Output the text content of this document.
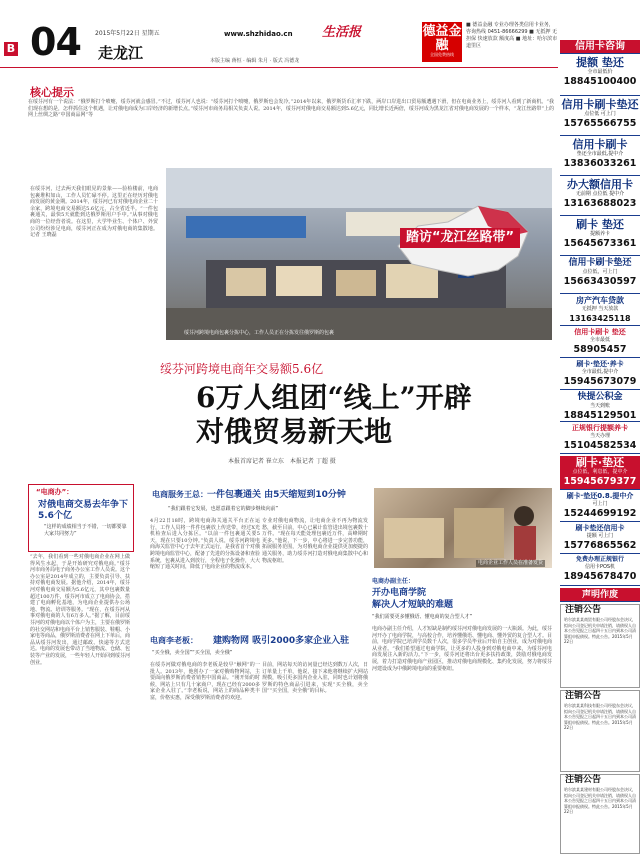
B 04 2015年5月22日 星期五
走龙江
www.shzhidao.cn 生活报
本版主编 蒋恒 · 编辑 朱月 · 版式 冯德龙
德益金融
全国免费热线
■ 德益金融 专业办理各类信用卡业务，咨询热线 0451-86666299 ■ 无抵押 无担保 快速放款 额度高 ■ 地址：哈尔滨市道里区
核心提示
在绥芬河有一个说法：“俄罗斯打个喷嚏，绥芬河就会感冒。”不过，绥芬河人也说：“绥芬河打个喷嚏，俄罗斯也会发冷。”2014年以来，俄罗斯货币汇率下跌，两岸口岸进出口贸易额遭遇下滑，但在电商业务上，绥芬河人看到了新商机。“我们现在想的是，怎样抓住这个机遇，让对俄电商成为口岸经济的新增长点。”绥芬河市商务局相关负责人说。2014年，绥芬河对俄电商交易额达到5.6亿元，同比增长近两倍，绥芬河成为黑龙江省对俄电商发展的一个样本，“龙江丝路带”上的网上丝绸之路“中国商品网”等
在绥芬河，过去两天我们眼见的景象——验检楼前，电商包裹堆积如山，工作人员忙碌不停。这里正在经历对俄电商发展的黄金期。2014年，绥芬河已有对俄电商企业二十余家，跨境电商交易额达5.6亿元，占全省近半。“一件包裹通关，最快5天就能到达俄罗斯用户手中。”从事对俄电商的一位经营者说。在这里，大学毕业生、个体户、外贸公司纷纷涉足电商，绥芬河正在成为对俄电商的集散地。记者 王晓磊	踏访“龙江丝路带”
绥芬河跨境电商包裹分拣中心，工作人员正在分拣发往俄罗斯的包裹
绥芬河跨境电商年交易额5.6亿
6万人组团“线上”开辟
对俄贸易新天地
本报首席记者 崔立东　本报记者 丁超 摄
“电商办”：
对俄电商交易去年争下5.6个亿
“这样的成绩相当于不错，一切都要靠大家共同努力”
“去年，我们看到一些对俄电商企业在网上做得风生水起，于是开始研究对俄电商。”绥芬河市商务局电子商务办公室工作人员说。这个办公室是2014年成立的，主要负责引导、扶持对俄电商发展。据他介绍，2014年，绥芬河对俄电商交易额为5.6亿元，其中包裹数量超过100万件，绥芬河市成立了电商协会，搭建了电商孵化基地，为电商企业提供办公场地、物流、培训等服务。“现在，在绥芬河从事对俄电商的人有6万多人。”据了解，目前绥芬河的对俄电商以个体户为主，主要在俄罗斯的社交网站和电商平台上销售服装、鞋帽、小家电等商品，俄罗斯消费者在网上下单后，商品从绥芬河发出，通过邮政、快递等方式送达。电商的发展也带动了当地物流、仓储、包装等产业的发展，一些年轻人开始回到绥芬河创业。
电商服务王总： 一件包裹通关 由5天缩短到10分钟
“我们跟着它发展，也愿意跟着它的脚步继续向前”
4月22日18时，跨境电商海关通关平台正在运行，工作人员将一件件包裹放上传送带，经过X光机检查后进入分拣区。“以前一件包裹通关要5天，现在只要10分钟。”负责人说，绥芬河跨境电商海关监管中心于去年正式运行，是我省首个对俄跨境电商监管中心，配备了先进的分拣设备和查验系统，包裹从进入到放行，全程电子化操作，大大缩短了通关时间，降低了电商企业的物流成本。
专业对俄电商物流，让电商企业不再为物流发愁，截至目前，中心已累计监管进出境包裹数十万件。“现在每天能处理包裹近万件，高峰期时更多。”他说，下一步，中心将进一步完善功能，拓展服务范围，为对俄电商企业提供更加便捷的通关服务，助力绥芬河打造对俄电商集散中心和物流枢纽。
电商李老板： 建购物网 吸引2000多家企业入驻
“买全俄，卖全国”“买全国，卖全俄”
在绥芬河做对俄电商的李老板是较早“触网”的一批人。2013年，他创办了一家对俄购物网站，主要面向俄罗斯消费者销售中国商品。“刚开始的时候，网站上只有几十家商户，现在已经有2000多家企业入驻了。”李老板说，网站上的商品种类丰富，价格实惠，深受俄罗斯消费者的欢迎。
目前，网站每天的访问量已经达到数万人次，日订单量上千单，他说，接下来他将继续扩大网站规模，吸引更多国内企业入驻，同时也计划将俄罗斯的特色商品引进来，实现“买全俄，卖全国”“买全国，卖全俄”的目标。
电商企业工作人员在准备发货
电商办副主任：
开办电商学院
解决人才短缺的难题
“我们需要更多懂俄语、懂电商的复合型人才”
电商办副主任介绍，人才短缺是制约绥芬河对俄电商发展的一大瓶颈。为此，绥芬河开办了电商学院，与高校合作，培养懂俄语、懂电商、懂外贸的复合型人才。目前，电商学院已培训学员数千人次，很多学员毕业后开始自主创业，成为对俄电商从业者。“我们希望通过电商学院，让更多的人投身到对俄电商中来，为绥芬河电商发展注入新的活力。”下一步，绥芬河还将出台更多扶持政策，鼓励对俄电商发展，着力打造对俄电商产业园区，推动对俄电商规模化、集约化发展，努力将绥芬河建设成为中俄跨境电商的重要枢纽。
信用卡咨询
提额 垫还
全市最低价
18845100400
信用卡刷卡垫还
点位低 可上门
15765566755
信用卡刷卡
垫还全市最低,提中介
13836033261
办大额信用卡
无前期 点位低 提中介
13163688023
刷卡 垫还
提额养卡
15645673361
信用卡刷卡垫还
点位低，可上门
15663430597
房产汽车贷款
无抵押 当天放款
13163425118
信用卡刷卡 垫还
全市最低
58905457
刷卡·垫还·养卡
全市最低,提中介
15945673079
快提公积金
当天到账
18845129501
正规银行提额养卡
当天办理
15104582534
刷卡·垫还
点位低，利息低，提中介
15945679377
刷卡·垫还0.8.提中介
可上门
15244699192
刷卡垫还信用卡
提额 可上门
15776865562
免费办理正规银行
信用卡POS机
18945678470
声明作废
注销公告
哈尔滨某某商贸有限公司经股东会决议，拟向公司登记机关申请注销，请债权人自本公告见报之日起四十五日内到本公司清算组申报债权。特此公告。2015年5月22日
注销公告
哈尔滨某某科技有限公司经股东会决议，拟向公司登记机关申请注销，请债权人自本公告见报之日起四十五日内到本公司清算组申报债权。特此公告。2015年5月22日
注销公告
哈尔滨某某建材有限公司经股东会决议，拟向公司登记机关申请注销，请债权人自本公告见报之日起四十五日内到本公司清算组申报债权。特此公告。2015年5月22日
